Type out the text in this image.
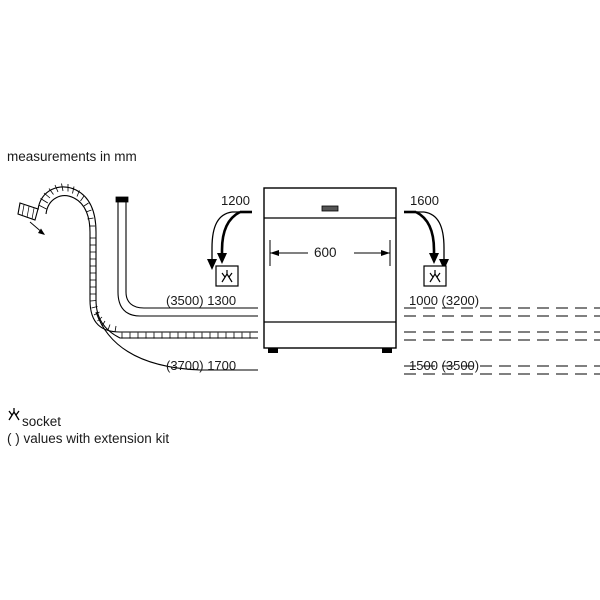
measurements in mm
1200	1600
600
(3500) 1300	1000 (3200)
(3700) 1700	1500 (3500)
socket
( ) values with extension kit
